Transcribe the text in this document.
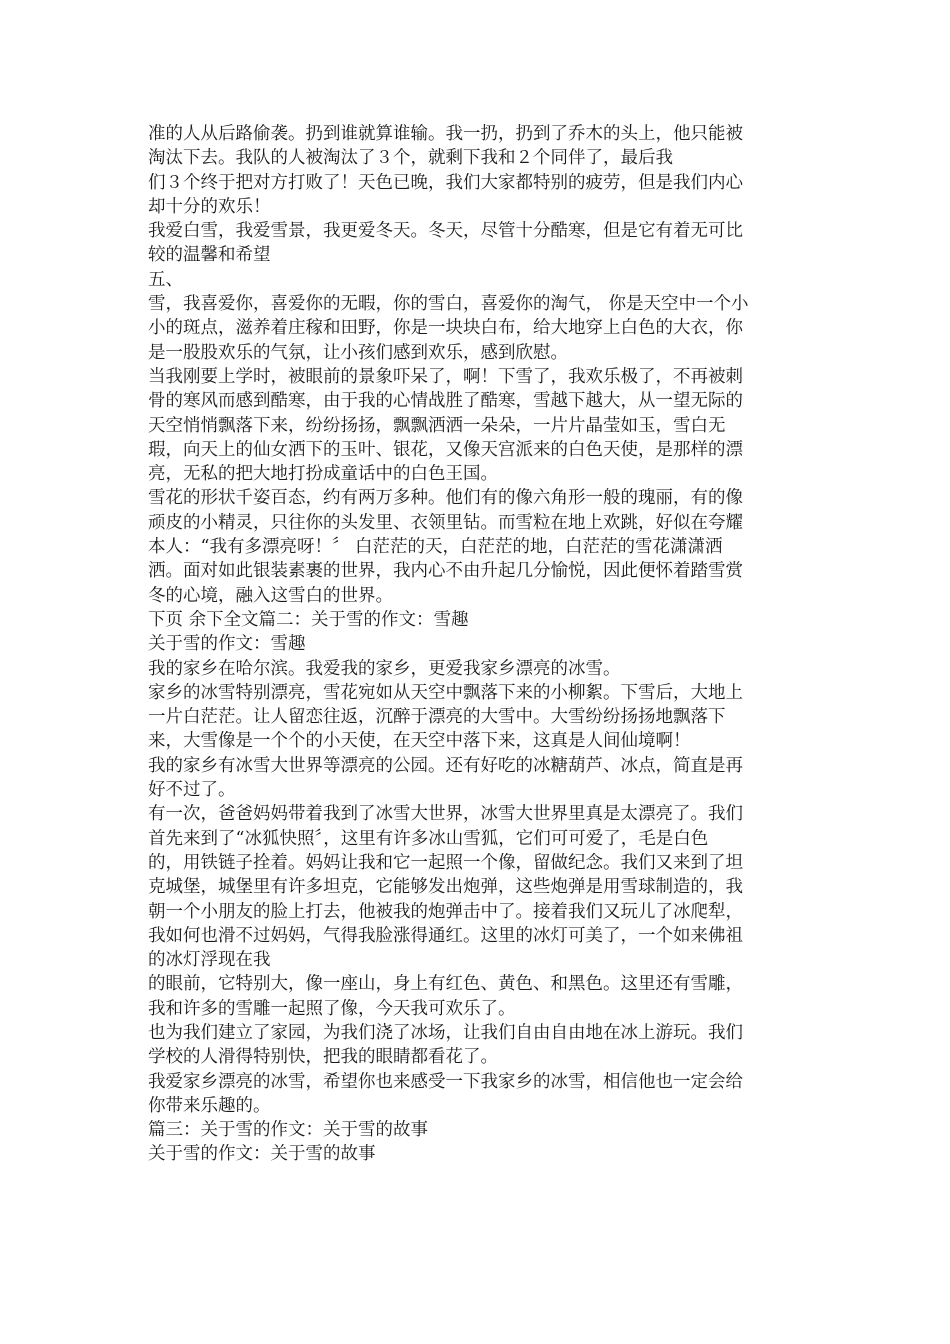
准的人从后路偷袭。扔到谁就算谁输。我一扔，扔到了乔木的头上，他只能被
淘汰下去。我队的人被淘汰了３个，就剩下我和２个同伴了，最后我
们３个终于把对方打败了！天色已晚，我们大家都特别的疲劳，但是我们内心
却十分的欢乐！
我爱白雪，我爱雪景，我更爱冬天。冬天，尽管十分酷寒，但是它有着无可比
较的温馨和希望
五、
雪，我喜爱你，喜爱你的无暇，你的雪白，喜爱你的淘气， 你是天空中一个小
小的斑点，滋养着庄稼和田野，你是一块块白布，给大地穿上白色的大衣，你
是一股股欢乐的气氛，让小孩们感到欢乐，感到欣慰。
当我刚要上学时，被眼前的景象吓呆了，啊！下雪了，我欢乐极了，不再被刺
骨的寒风而感到酷寒，由于我的心情战胜了酷寒，雪越下越大，从一望无际的
天空悄悄飘落下来，纷纷扬扬，飘飘洒洒一朵朵，一片片晶莹如玉，雪白无
瑕，向天上的仙女洒下的玉叶、银花，又像天宫派来的白色天使，是那样的漂
亮，无私的把大地打扮成童话中的白色王国。
雪花的形状千姿百态，约有两万多种。他们有的像六角形一般的瑰丽，有的像
顽皮的小精灵，只往你的头发里、衣领里钻。而雪粒在地上欢跳，好似在夸耀
本人：“我有多漂亮呀！〞 白茫茫的天，白茫茫的地，白茫茫的雪花潇潇洒
洒。面对如此银装素裹的世界，我内心不由升起几分愉悦，因此便怀着踏雪赏
冬的心境，融入这雪白的世界。
下页 余下全文篇二：关于雪的作文：雪趣
关于雪的作文：雪趣
我的家乡在哈尔滨。我爱我的家乡，更爱我家乡漂亮的冰雪。
家乡的冰雪特别漂亮，雪花宛如从天空中飘落下来的小柳絮。下雪后，大地上
一片白茫茫。让人留恋往返，沉醉于漂亮的大雪中。大雪纷纷扬扬地飘落下
来，大雪像是一个个的小天使，在天空中落下来，这真是人间仙境啊！
我的家乡有冰雪大世界等漂亮的公园。还有好吃的冰糖葫芦、冰点，简直是再
好不过了。
有一次，爸爸妈妈带着我到了冰雪大世界，冰雪大世界里真是太漂亮了。我们
首先来到了“冰狐快照〞，这里有许多冰山雪狐，它们可可爱了，毛是白色
的，用铁链子拴着。妈妈让我和它一起照一个像，留做纪念。我们又来到了坦
克城堡，城堡里有许多坦克，它能够发出炮弹，这些炮弹是用雪球制造的，我
朝一个小朋友的脸上打去，他被我的炮弹击中了。接着我们又玩儿了冰爬犁，
我如何也滑不过妈妈，气得我脸涨得通红。这里的冰灯可美了，一个如来佛祖
的冰灯浮现在我
的眼前，它特别大，像一座山，身上有红色、黄色、和黑色。这里还有雪雕，
我和许多的雪雕一起照了像，今天我可欢乐了。
也为我们建立了家园，为我们浇了冰场，让我们自由自由地在冰上游玩。我们
学校的人滑得特别快，把我的眼睛都看花了。
我爱家乡漂亮的冰雪，希望你也来感受一下我家乡的冰雪，相信他也一定会给
你带来乐趣的。
篇三：关于雪的作文：关于雪的故事
关于雪的作文：关于雪的故事
